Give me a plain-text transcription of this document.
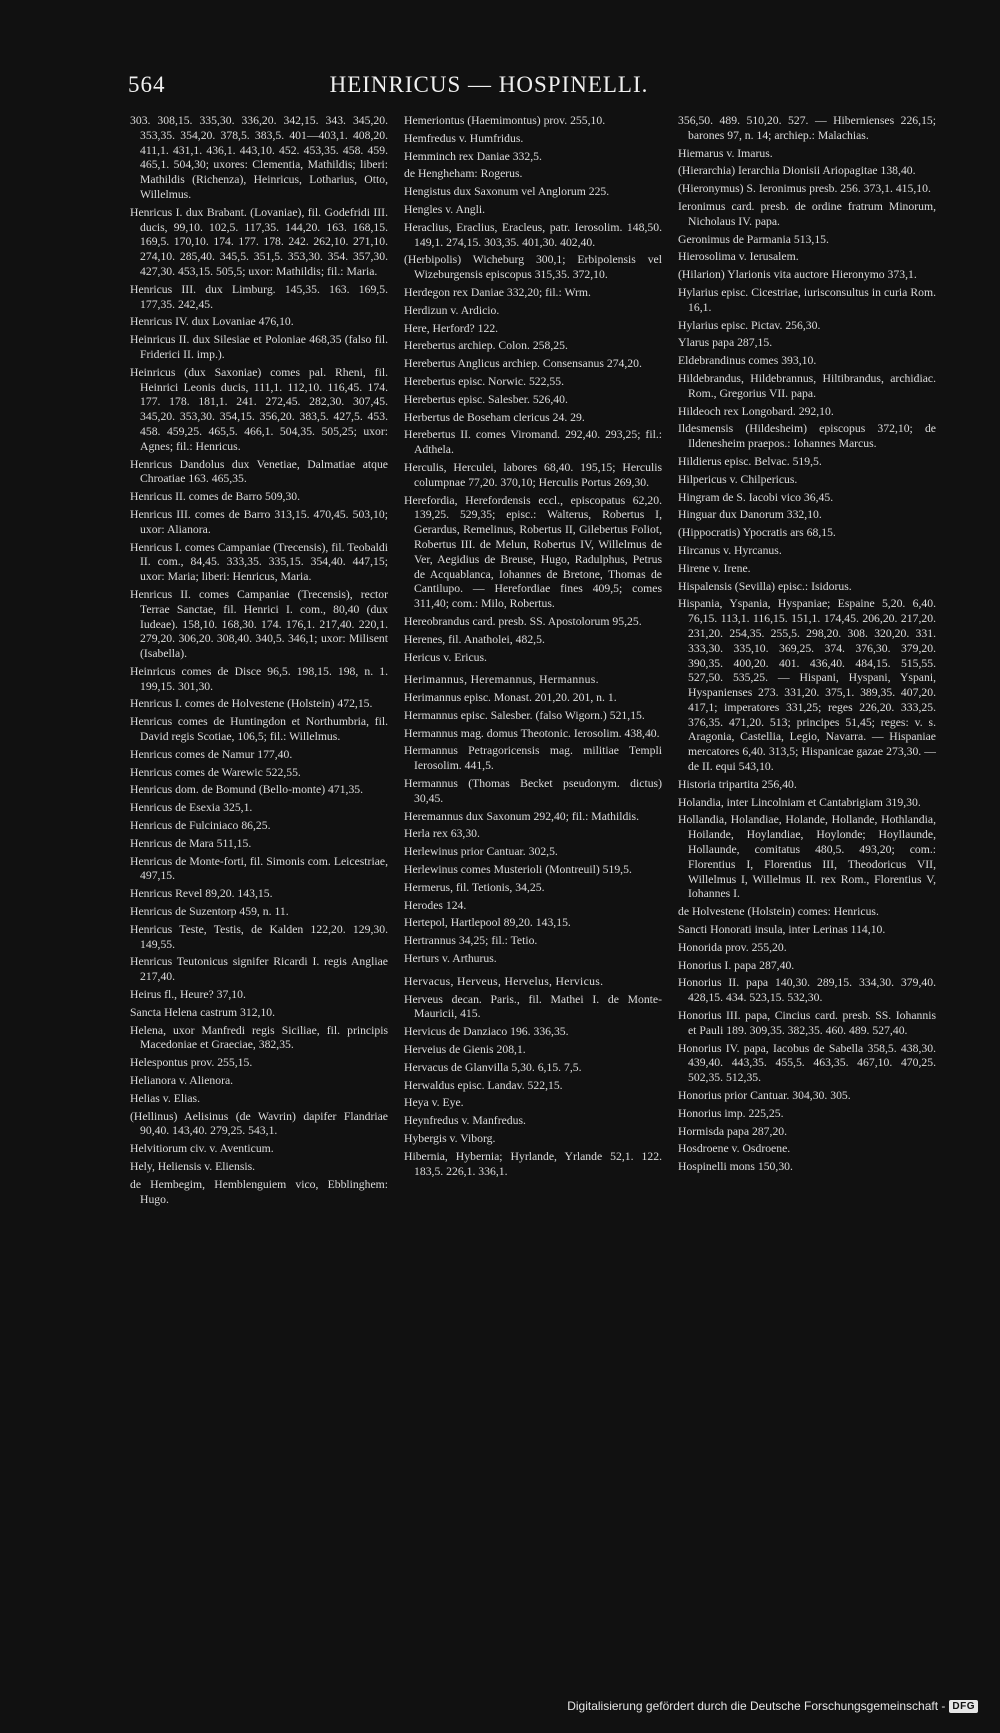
564	HEINRICUS — HOSPINELLI.

303. 308,15. 335,30. 336,20. 342,15. 343. 345,20. 353,35. 354,20. 378,5. 383,5. 401—403,1. 408,20. 411,1. 431,1. 436,1. 443,10. 452. 453,35. 458. 459. 465,1. 504,30; uxores: Clementia, Mathildis; liberi: Mathildis (Richenza), Heinricus, Lotharius, Otto, Willelmus.

Henricus I. dux Brabant. (Lovaniae), fil. Godefridi III. ducis, 99,10. 102,5. 117,35. 144,20. 163. 168,15. 169,5. 170,10. 174. 177. 178. 242. 262,10. 271,10. 274,10. 285,40. 345,5. 351,5. 353,30. 354. 357,30. 427,30. 453,15. 505,5; uxor: Mathildis; fil.: Maria.

Henricus III. dux Limburg. 145,35. 163. 169,5. 177,35. 242,45.

Henricus IV. dux Lovaniae 476,10.

Heinricus II. dux Silesiae et Poloniae 468,35 (falso fil. Friderici II. imp.).

Heinricus (dux Saxoniae) comes pal. Rheni, fil. Heinrici Leonis ducis, 111,1. 112,10. 116,45. 174. 177. 178. 181,1. 241. 272,45. 282,30. 307,45. 345,20. 353,30. 354,15. 356,20. 383,5. 427,5. 453. 458. 459,25. 465,5. 466,1. 504,35. 505,25; uxor: Agnes; fil.: Henricus.

Henricus Dandolus dux Venetiae, Dalmatiae atque Chroatiae 163. 465,35.

Henricus II. comes de Barro 509,30.

Henricus III. comes de Barro 313,15. 470,45. 503,10; uxor: Alianora.

Henricus I. comes Campaniae (Trecensis), fil. Teobaldi II. com., 84,45. 333,35. 335,15. 354,40. 447,15; uxor: Maria; liberi: Henricus, Maria.

Henricus II. comes Campaniae (Trecensis), rector Terrae Sanctae, fil. Henrici I. com., 80,40 (dux Iudeae). 158,10. 168,30. 174. 176,1. 217,40. 220,1. 279,20. 306,20. 308,40. 340,5. 346,1; uxor: Milisent (Isabella).

Heinricus comes de Disce 96,5. 198,15. 198, n. 1. 199,15. 301,30.

Henricus I. comes de Holvestene (Holstein) 472,15.

Henricus comes de Huntingdon et Northumbria, fil. David regis Scotiae, 106,5; fil.: Willelmus.

Henricus comes de Namur 177,40.

Henricus comes de Warewic 522,55.

Henricus dom. de Bomund (Bello-monte) 471,35.

Henricus de Esexia 325,1.

Henricus de Fulciniaco 86,25.

Henricus de Mara 511,15.

Henricus de Monte-forti, fil. Simonis com. Leicestriae, 497,15.

Henricus Revel 89,20. 143,15.

Henricus de Suzentorp 459, n. 11.

Henricus Teste, Testis, de Kalden 122,20. 129,30. 149,55.

Henricus Teutonicus signifer Ricardi I. regis Angliae 217,40.

Heirus fl., Heure? 37,10.

Sancta Helena castrum 312,10.

Helena, uxor Manfredi regis Siciliae, fil. principis Macedoniae et Graeciae, 382,35.

Helespontus prov. 255,15.

Helianora v. Alienora.

Helias v. Elias.

(Hellinus) Aelisinus (de Wavrin) dapifer Flandriae 90,40. 143,40. 279,25. 543,1.

Helvitiorum civ. v. Aventicum.

Hely, Heliensis v. Eliensis.

de Hembegim, Hemblenguiem vico, Ebblinghem: Hugo.

Hemeriontus (Haemimontus) prov. 255,10.

Hemfredus v. Humfridus.

Hemminch rex Daniae 332,5.

de Hengheham: Rogerus.

Hengistus dux Saxonum vel Anglorum 225.

Hengles v. Angli.

Heraclius, Eraclius, Eracleus, patr. Ierosolim. 148,50. 149,1. 274,15. 303,35. 401,30. 402,40.

(Herbipolis) Wicheburg 300,1; Erbipolensis vel Wizeburgensis episcopus 315,35. 372,10.

Herdegon rex Daniae 332,20; fil.: Wrm.

Herdizun v. Ardicio.

Here, Herford? 122.

Herebertus archiep. Colon. 258,25.

Herebertus Anglicus archiep. Consensanus 274,20.

Herebertus episc. Norwic. 522,55.

Herebertus episc. Salesber. 526,40.

Herbertus de Boseham clericus 24. 29.

Herebertus II. comes Viromand. 292,40. 293,25; fil.: Adthela.

Herculis, Herculei, labores 68,40. 195,15; Herculis columpnae 77,20. 370,10; Herculis Portus 269,30.

Herefordia, Herefordensis eccl., episcopatus 62,20. 139,25. 529,35; episc.: Walterus, Robertus I, Gerardus, Remelinus, Robertus II, Gilebertus Foliot, Robertus III. de Melun, Robertus IV, Willelmus de Ver, Aegidius de Breuse, Hugo, Radulphus, Petrus de Acquablanca, Iohannes de Bretone, Thomas de Cantilupo. — Herefordiae fines 409,5; comes 311,40; com.: Milo, Robertus.

Hereobrandus card. presb. SS. Apostolorum 95,25.

Herenes, fil. Anatholei, 482,5.

Hericus v. Ericus.

Herimannus, Heremannus, Hermannus.

Herimannus episc. Monast. 201,20. 201, n. 1.

Hermannus episc. Salesber. (falso Wigorn.) 521,15.

Hermannus mag. domus Theotonic. Ierosolim. 438,40.

Hermannus Petragoricensis mag. militiae Templi Ierosolim. 441,5.

Hermannus (Thomas Becket pseudonym. dictus) 30,45.

Heremannus dux Saxonum 292,40; fil.: Mathildis.

Herla rex 63,30.

Herlewinus prior Cantuar. 302,5.

Herlewinus comes Musterioli (Montreuil) 519,5.

Hermerus, fil. Tetionis, 34,25.

Herodes 124.

Hertepol, Hartlepool 89,20. 143,15.

Hertrannus 34,25; fil.: Tetio.

Herturs v. Arthurus.

Hervacus, Herveus, Hervelus, Hervicus.

Herveus decan. Paris., fil. Mathei I. de Monte-Mauricii, 415.

Hervicus de Danziaco 196. 336,35.

Herveius de Gienis 208,1.

Hervacus de Glanvilla 5,30. 6,15. 7,5.

Herwaldus episc. Landav. 522,15.

Heya v. Eye.

Heynfredus v. Manfredus.

Hybergis v. Viborg.

Hibernia, Hybernia; Hyrlande, Yrlande 52,1. 122. 183,5. 226,1. 336,1.

356,50. 489. 510,20. 527. — Hibernienses 226,15; barones 97, n. 14; archiep.: Malachias.

Hiemarus v. Imarus.

(Hierarchia) Ierarchia Dionisii Ariopagitae 138,40.

(Hieronymus) S. Ieronimus presb. 256. 373,1. 415,10.

Ieronimus card. presb. de ordine fratrum Minorum, Nicholaus IV. papa.

Geronimus de Parmania 513,15.

Hierosolima v. Ierusalem.

(Hilarion) Ylarionis vita auctore Hieronymo 373,1.

Hylarius episc. Cicestriae, iurisconsultus in curia Rom. 16,1.

Hylarius episc. Pictav. 256,30.

Ylarus papa 287,15.

Eldebrandinus comes 393,10.

Hildebrandus, Hildebrannus, Hiltibrandus, archidiac. Rom., Gregorius VII. papa.

Hildeoch rex Longobard. 292,10.

Ildesmensis (Hildesheim) episcopus 372,10; de Ildenesheim praepos.: Iohannes Marcus.

Hildierus episc. Belvac. 519,5.

Hilpericus v. Chilpericus.

Hingram de S. Iacobi vico 36,45.

Hinguar dux Danorum 332,10.

(Hippocratis) Ypocratis ars 68,15.

Hircanus v. Hyrcanus.

Hirene v. Irene.

Hispalensis (Sevilla) episc.: Isidorus.

Hispania, Yspania, Hyspaniae; Espaine 5,20. 6,40. 76,15. 113,1. 116,15. 151,1. 174,45. 206,20. 217,20. 231,20. 254,35. 255,5. 298,20. 308. 320,20. 331. 333,30. 335,10. 369,25. 374. 376,30. 379,20. 390,35. 400,20. 401. 436,40. 484,15. 515,55. 527,50. 535,25. — Hispani, Hyspani, Yspani, Hyspanienses 273. 331,20. 375,1. 389,35. 407,20. 417,1; imperatores 331,25; reges 226,20. 333,25. 376,35. 471,20. 513; principes 51,45; reges: v. s. Aragonia, Castellia, Legio, Navarra. — Hispaniae mercatores 6,40. 313,5; Hispanicae gazae 273,30. — de II. equi 543,10.

Historia tripartita 256,40.

Holandia, inter Lincolniam et Cantabrigiam 319,30.

Hollandia, Holandiae, Holande, Hollande, Hothlandia, Hoilande, Hoylandiae, Hoylonde; Hoyllaunde, Hollaunde, comitatus 480,5. 493,20; com.: Florentius I, Florentius III, Theodoricus VII, Willelmus I, Willelmus II. rex Rom., Florentius V, Iohannes I.

de Holvestene (Holstein) comes: Henricus.

Sancti Honorati insula, inter Lerinas 114,10.

Honorida prov. 255,20.

Honorius I. papa 287,40.

Honorius II. papa 140,30. 289,15. 334,30. 379,40. 428,15. 434. 523,15. 532,30.

Honorius III. papa, Cincius card. presb. SS. Iohannis et Pauli 189. 309,35. 382,35. 460. 489. 527,40.

Honorius IV. papa, Iacobus de Sabella 358,5. 438,30. 439,40. 443,35. 455,5. 463,35. 467,10. 470,25. 502,35. 512,35.

Honorius prior Cantuar. 304,30. 305.

Honorius imp. 225,25.

Hormisda papa 287,20.

Hosdroene v. Osdroene.

Hospinelli mons 150,30.

Digitalisierung gefördert durch die Deutsche Forschungsgemeinschaft - DFG
